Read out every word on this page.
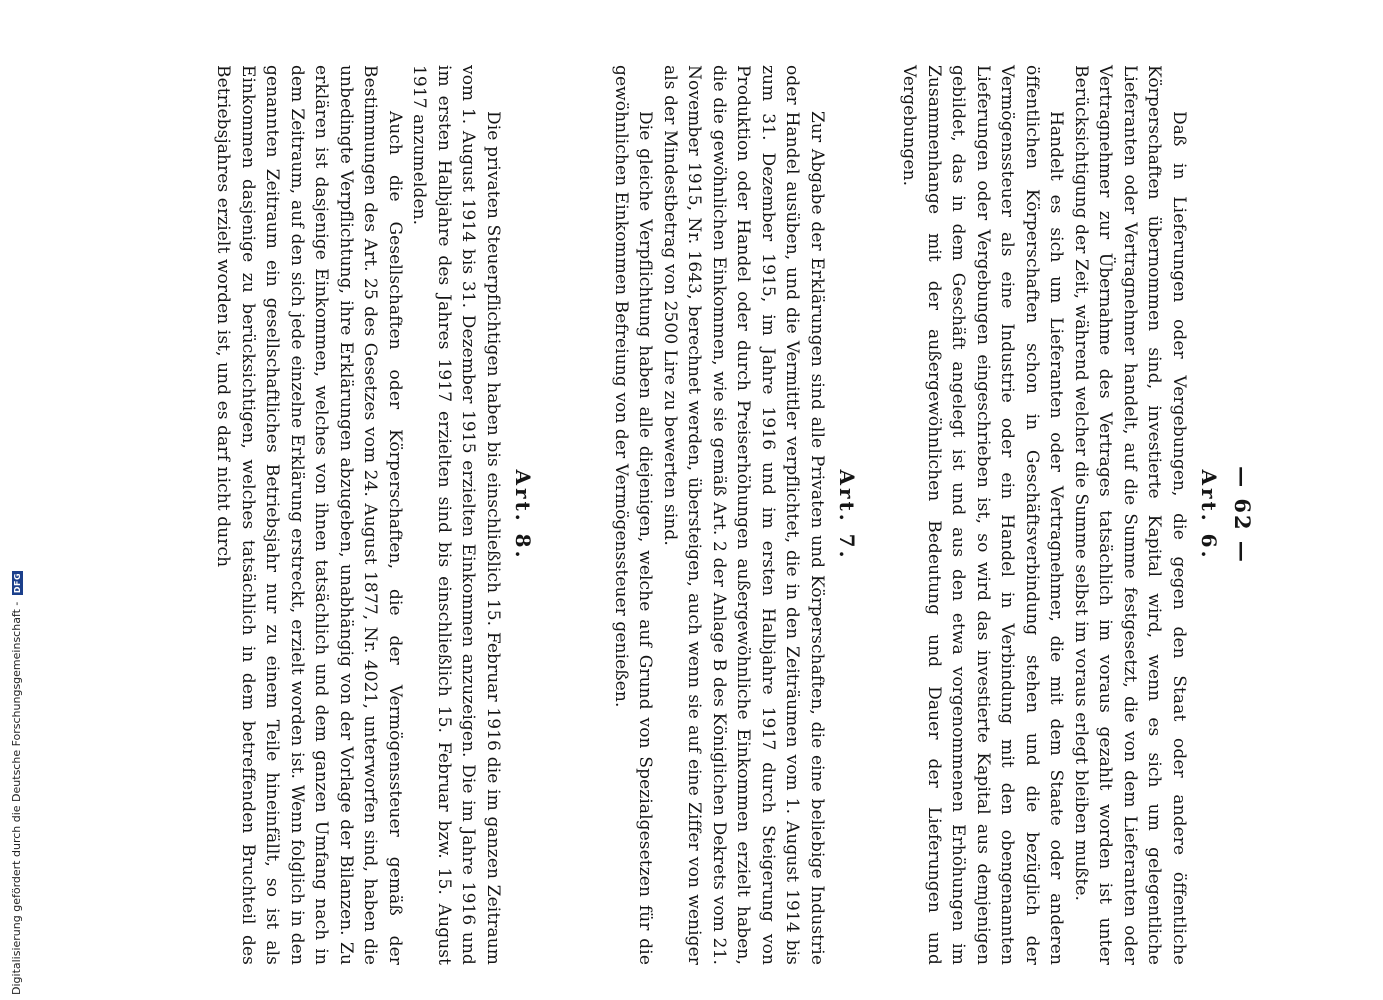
— 62 —
Art. 6.

Daß in Lieferungen oder Vergebungen, die gegen den Staat oder andere öffentliche Körperschaften übernommen sind, investierte Kapital wird, wenn es sich um gelegentliche Lieferanten oder Vertragnehmer handelt, auf die Summe festgesetzt, die von dem Lieferanten oder Vertragnehmer zur Übernahme des Vertrages tatsächlich im voraus gezahlt worden ist unter Berücksichtigung der Zeit, während welcher die Summe selbst im voraus erlegt bleiben mußte.

Handelt es sich um Lieferanten oder Vertragnehmer, die mit dem Staate oder anderen öffentlichen Körperschaften schon in Geschäftsverbindung stehen und die bezüglich der Vermögenssteuer als eine Industrie oder ein Handel in Verbindung mit den obengenannten Lieferungen oder Vergebungen eingeschrieben ist, so wird das investierte Kapital aus demjenigen gebildet, das in dem Geschäft angelegt ist und aus den etwa vorgenommenen Erhöhungen im Zusammenhange mit der außergewöhnlichen Bedeutung und Dauer der Lieferungen und Vergebungen.

Art. 7.

Zur Abgabe der Erklärungen sind alle Privaten und Körperschaften, die eine beliebige Industrie oder Handel ausüben, und die Vermittler verpflichtet, die in den Zeiträumen vom 1. August 1914 bis zum 31. Dezember 1915, im Jahre 1916 und im ersten Halbjahre 1917 durch Steigerung von Produktion oder Handel oder durch Preiserhöhungen außergewöhnliche Einkommen erzielt haben, die die gewöhnlichen Einkommen, wie sie gemäß Art. 2 der Anlage B des Königlichen Dekrets vom 21. November 1915, Nr. 1643, berechnet werden, übersteigen, auch wenn sie auf eine Ziffer von weniger als der Mindestbetrag von 2500 Lire zu bewerten sind.

Die gleiche Verpflichtung haben alle diejenigen, welche auf Grund von Spezialgesetzen für die gewöhnlichen Einkommen Befreiung von der Vermögenssteuer genießen.

Art. 8.

Die privaten Steuerpflichtigen haben bis einschließlich 15. Februar 1916 die im ganzen Zeitraum vom 1. August 1914 bis 31. Dezember 1915 erzielten Einkommen anzuzeigen. Die im Jahre 1916 und im ersten Halbjahre des Jahres 1917 erzielten sind bis einschließlich 15. Februar bzw. 15. August 1917 anzumelden.

Auch die Gesellschaften oder Körperschaften, die der Vermögenssteuer gemäß der Bestimmungen des Art. 25 des Gesetzes vom 24. August 1877, Nr. 4021, unterworfen sind, haben die unbedingte Verpflichtung, ihre Erklärungen abzugeben, unabhängig von der Vorlage der Bilanzen. Zu erklären ist dasjenige Einkommen, welches von ihnen tatsächlich und dem ganzen Umfang nach in dem Zeitraum, auf den sich jede einzelne Erklärung erstreckt, erzielt worden ist. Wenn folglich in den genannten Zeitraum ein gesellschaftliches Betriebsjahr nur zu einem Teile hineinfällt, so ist als Einkommen dasjenige zu berücksichtigen, welches tatsächlich in dem betreffenden Bruchteil des Betriebsjahres erzielt worden ist, und es darf nicht durch

Digitalisierung gefördert durch die Deutsche Forschungsgemeinschaft - DFG
